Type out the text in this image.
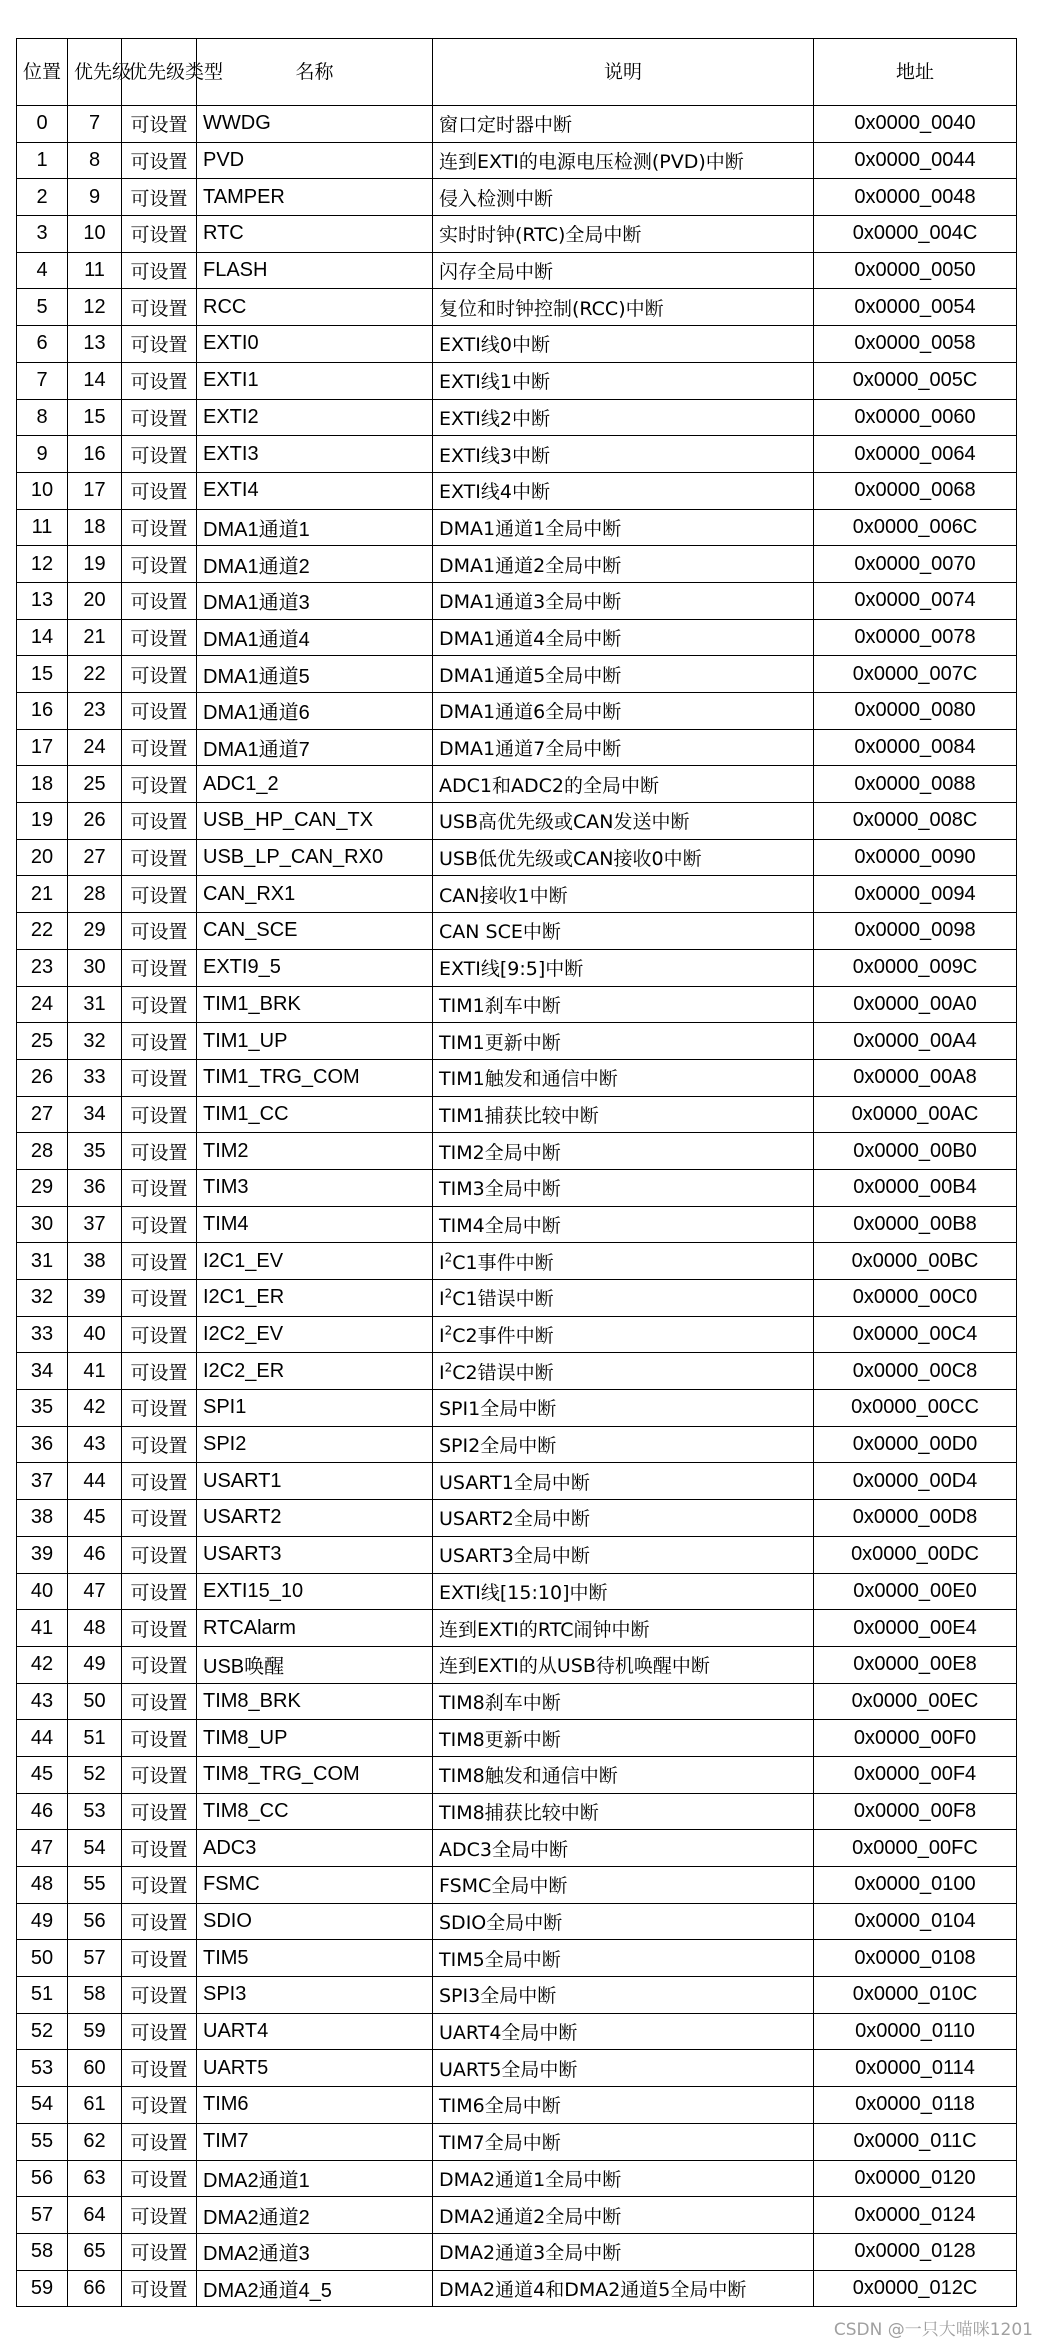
位置	优先级	优先级类型	名称	说明	地址
0	7	可设置	WWDG	窗口定时器中断	0x0000_0040
1	8	可设置	PVD	连到EXTI的电源电压检测(PVD)中断	0x0000_0044
2	9	可设置	TAMPER	侵入检测中断	0x0000_0048
3	10	可设置	RTC	实时时钟(RTC)全局中断	0x0000_004C
4	11	可设置	FLASH	闪存全局中断	0x0000_0050
5	12	可设置	RCC	复位和时钟控制(RCC)中断	0x0000_0054
6	13	可设置	EXTI0	EXTI线0中断	0x0000_0058
7	14	可设置	EXTI1	EXTI线1中断	0x0000_005C
8	15	可设置	EXTI2	EXTI线2中断	0x0000_0060
9	16	可设置	EXTI3	EXTI线3中断	0x0000_0064
10	17	可设置	EXTI4	EXTI线4中断	0x0000_0068
11	18	可设置	DMA1通道1	DMA1通道1全局中断	0x0000_006C
12	19	可设置	DMA1通道2	DMA1通道2全局中断	0x0000_0070
13	20	可设置	DMA1通道3	DMA1通道3全局中断	0x0000_0074
14	21	可设置	DMA1通道4	DMA1通道4全局中断	0x0000_0078
15	22	可设置	DMA1通道5	DMA1通道5全局中断	0x0000_007C
16	23	可设置	DMA1通道6	DMA1通道6全局中断	0x0000_0080
17	24	可设置	DMA1通道7	DMA1通道7全局中断	0x0000_0084
18	25	可设置	ADC1_2	ADC1和ADC2的全局中断	0x0000_0088
19	26	可设置	USB_HP_CAN_TX	USB高优先级或CAN发送中断	0x0000_008C
20	27	可设置	USB_LP_CAN_RX0	USB低优先级或CAN接收0中断	0x0000_0090
21	28	可设置	CAN_RX1	CAN接收1中断	0x0000_0094
22	29	可设置	CAN_SCE	CAN SCE中断	0x0000_0098
23	30	可设置	EXTI9_5	EXTI线[9:5]中断	0x0000_009C
24	31	可设置	TIM1_BRK	TIM1刹车中断	0x0000_00A0
25	32	可设置	TIM1_UP	TIM1更新中断	0x0000_00A4
26	33	可设置	TIM1_TRG_COM	TIM1触发和通信中断	0x0000_00A8
27	34	可设置	TIM1_CC	TIM1捕获比较中断	0x0000_00AC
28	35	可设置	TIM2	TIM2全局中断	0x0000_00B0
29	36	可设置	TIM3	TIM3全局中断	0x0000_00B4
30	37	可设置	TIM4	TIM4全局中断	0x0000_00B8
31	38	可设置	I2C1_EV	$I^2C1$事件中断	0x0000_00BC
32	39	可设置	I2C1_ER	$I^2C1$错误中断	0x0000_00C0
33	40	可设置	I2C2_EV	$I^2C2$事件中断	0x0000_00C4
34	41	可设置	I2C2_ER	$I^2C2$错误中断	0x0000_00C8
35	42	可设置	SPI1	SPI1全局中断	0x0000_00CC
36	43	可设置	SPI2	SPI2全局中断	0x0000_00D0
37	44	可设置	USART1	USART1全局中断	0x0000_00D4
38	45	可设置	USART2	USART2全局中断	0x0000_00D8
39	46	可设置	USART3	USART3全局中断	0x0000_00DC
40	47	可设置	EXTI15_10	EXTI线[15:10]中断	0x0000_00E0
41	48	可设置	RTCAlarm	连到EXTI的RTC闹钟中断	0x0000_00E4
42	49	可设置	USB唤醒	连到EXTI的从USB待机唤醒中断	0x0000_00E8
43	50	可设置	TIM8_BRK	TIM8刹车中断	0x0000_00EC
44	51	可设置	TIM8_UP	TIM8更新中断	0x0000_00F0
45	52	可设置	TIM8_TRG_COM	TIM8触发和通信中断	0x0000_00F4
46	53	可设置	TIM8_CC	TIM8捕获比较中断	0x0000_00F8
47	54	可设置	ADC3	ADC3全局中断	0x0000_00FC
48	55	可设置	FSMC	FSMC全局中断	0x0000_0100
49	56	可设置	SDIO	SDIO全局中断	0x0000_0104
50	57	可设置	TIM5	TIM5全局中断	0x0000_0108
51	58	可设置	SPI3	SPI3全局中断	0x0000_010C
52	59	可设置	UART4	UART4全局中断	0x0000_0110
53	60	可设置	UART5	UART5全局中断	0x0000_0114
54	61	可设置	TIM6	TIM6全局中断	0x0000_0118
55	62	可设置	TIM7	TIM7全局中断	0x0000_011C
56	63	可设置	DMA2通道1	DMA2通道1全局中断	0x0000_0120
57	64	可设置	DMA2通道2	DMA2通道2全局中断	0x0000_0124
58	65	可设置	DMA2通道3	DMA2通道3全局中断	0x0000_0128
59	66	可设置	DMA2通道4_5	DMA2通道4和DMA2通道5全局中断	0x0000_012C
CSDN @一只大喵咪1201
